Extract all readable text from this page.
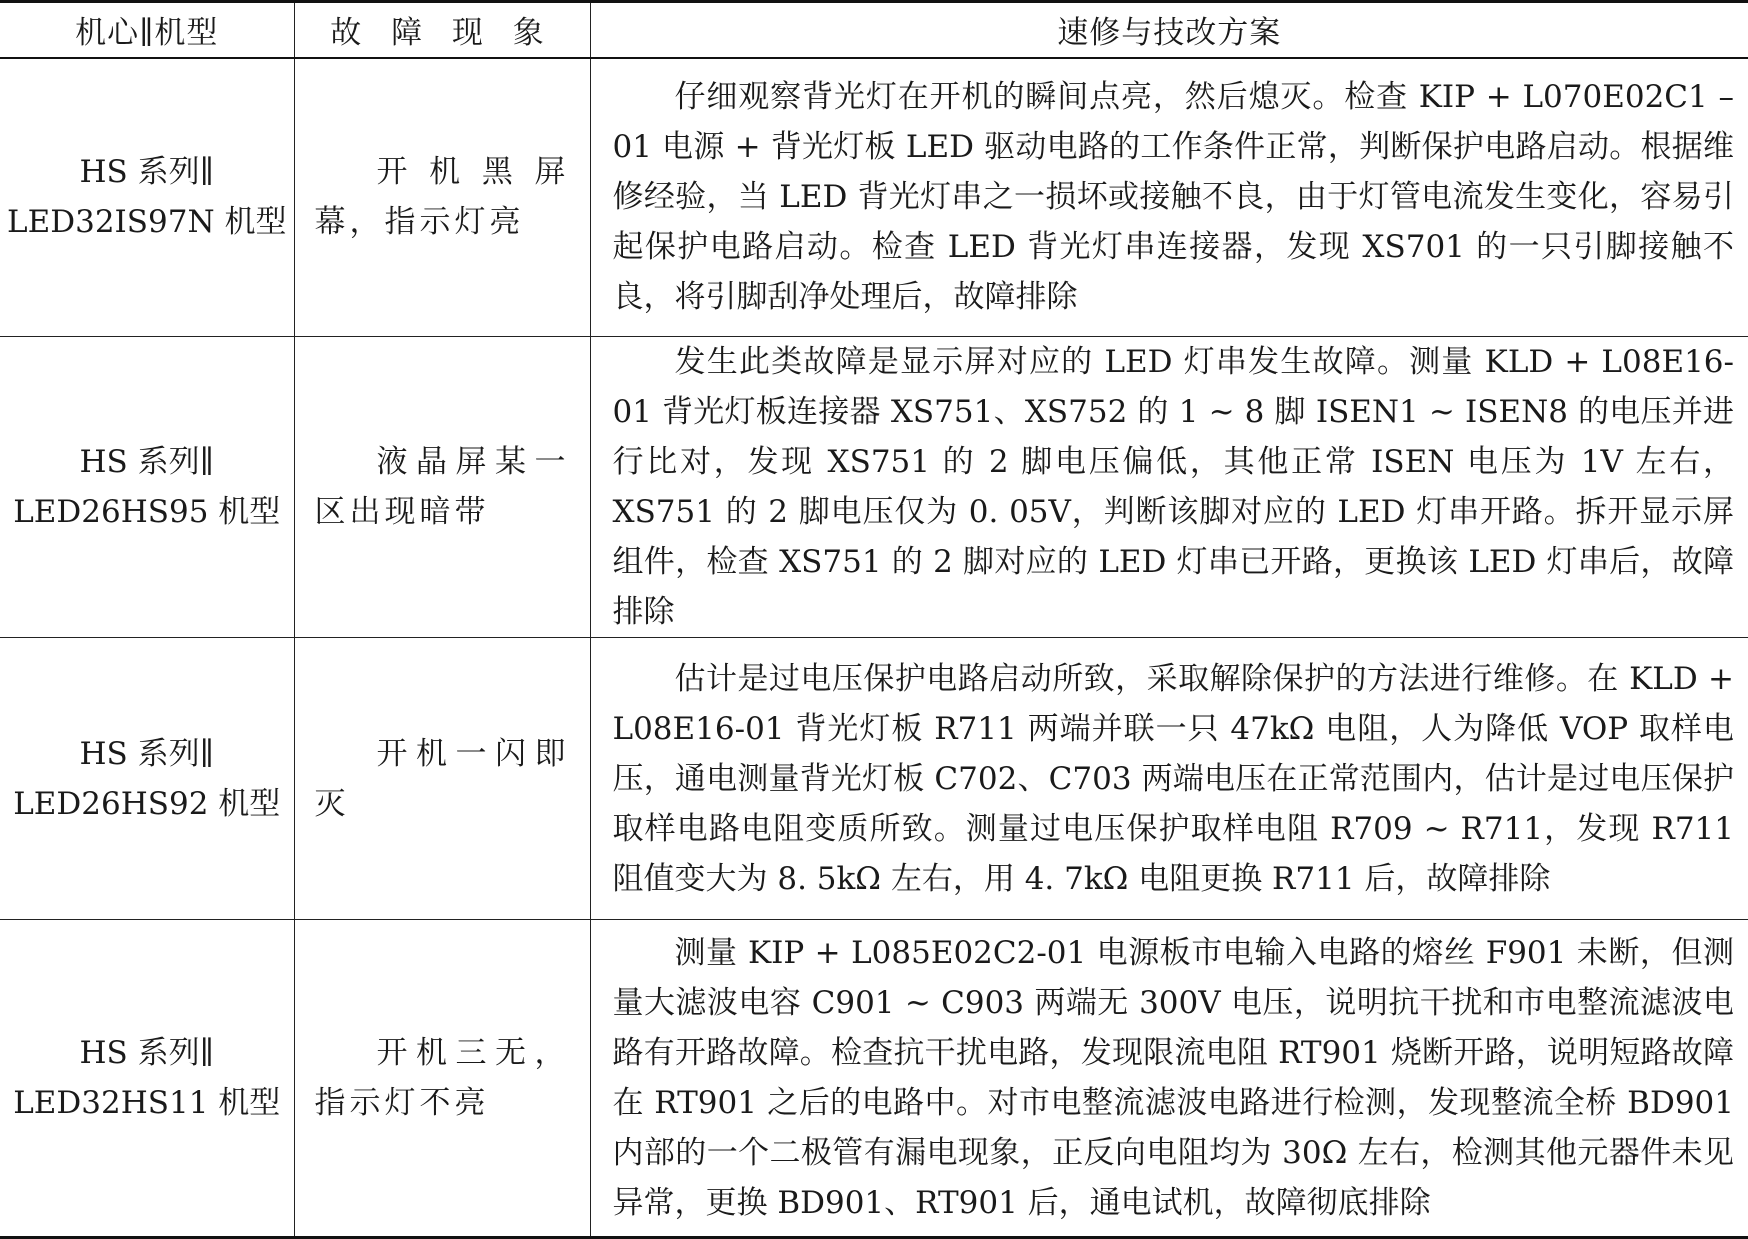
机心∥机型	故 障 现 象	速修与技改方案

HS 系列∥
LED32IS97N 机型	开机黑屏幕，指示灯亮	仔细观察背光灯在开机的瞬间点亮，然后熄灭。检查 KIP + L070E02C1 – 01 电源 + 背光灯板 LED 驱动电路的工作条件正常，判断保护电路启动。根据维修经验，当 LED 背光灯串之一损坏或接触不良，由于灯管电流发生变化，容易引起保护电路启动。检查 LED 背光灯串连接器，发现 XS701 的一只引脚接触不良，将引脚刮净处理后，故障排除

HS 系列∥
LED26HS95 机型	液晶屏某一区出现暗带	发生此类故障是显示屏对应的 LED 灯串发生故障。测量 KLD + L08E16-01 背光灯板连接器 XS751、XS752 的 1 ~ 8 脚 ISEN1 ~ ISEN8 的电压并进行比对，发现 XS751 的 2 脚电压偏低，其他正常 ISEN 电压为 1V 左右，XS751 的 2 脚电压仅为 0. 05V，判断该脚对应的 LED 灯串开路。拆开显示屏组件，检查 XS751 的 2 脚对应的 LED 灯串已开路，更换该 LED 灯串后，故障排除

HS 系列∥
LED26HS92 机型	开机一闪即灭	估计是过电压保护电路启动所致，采取解除保护的方法进行维修。在 KLD + L08E16-01 背光灯板 R711 两端并联一只 47kΩ 电阻，人为降低 VOP 取样电压，通电测量背光灯板 C702、C703 两端电压在正常范围内，估计是过电压保护取样电路电阻变质所致。测量过电压保护取样电阻 R709 ~ R711，发现 R711 阻值变大为 8. 5kΩ 左右，用 4. 7kΩ 电阻更换 R711 后，故障排除

HS 系列∥
LED32HS11 机型	开机三无，指示灯不亮	测量 KIP + L085E02C2-01 电源板市电输入电路的熔丝 F901 未断，但测量大滤波电容 C901 ~ C903 两端无 300V 电压，说明抗干扰和市电整流滤波电路有开路故障。检查抗干扰电路，发现限流电阻 RT901 烧断开路，说明短路故障在 RT901 之后的电路中。对市电整流滤波电路进行检测，发现整流全桥 BD901 内部的一个二极管有漏电现象，正反向电阻均为 30Ω 左右，检测其他元器件未见异常，更换 BD901、RT901 后，通电试机，故障彻底排除
